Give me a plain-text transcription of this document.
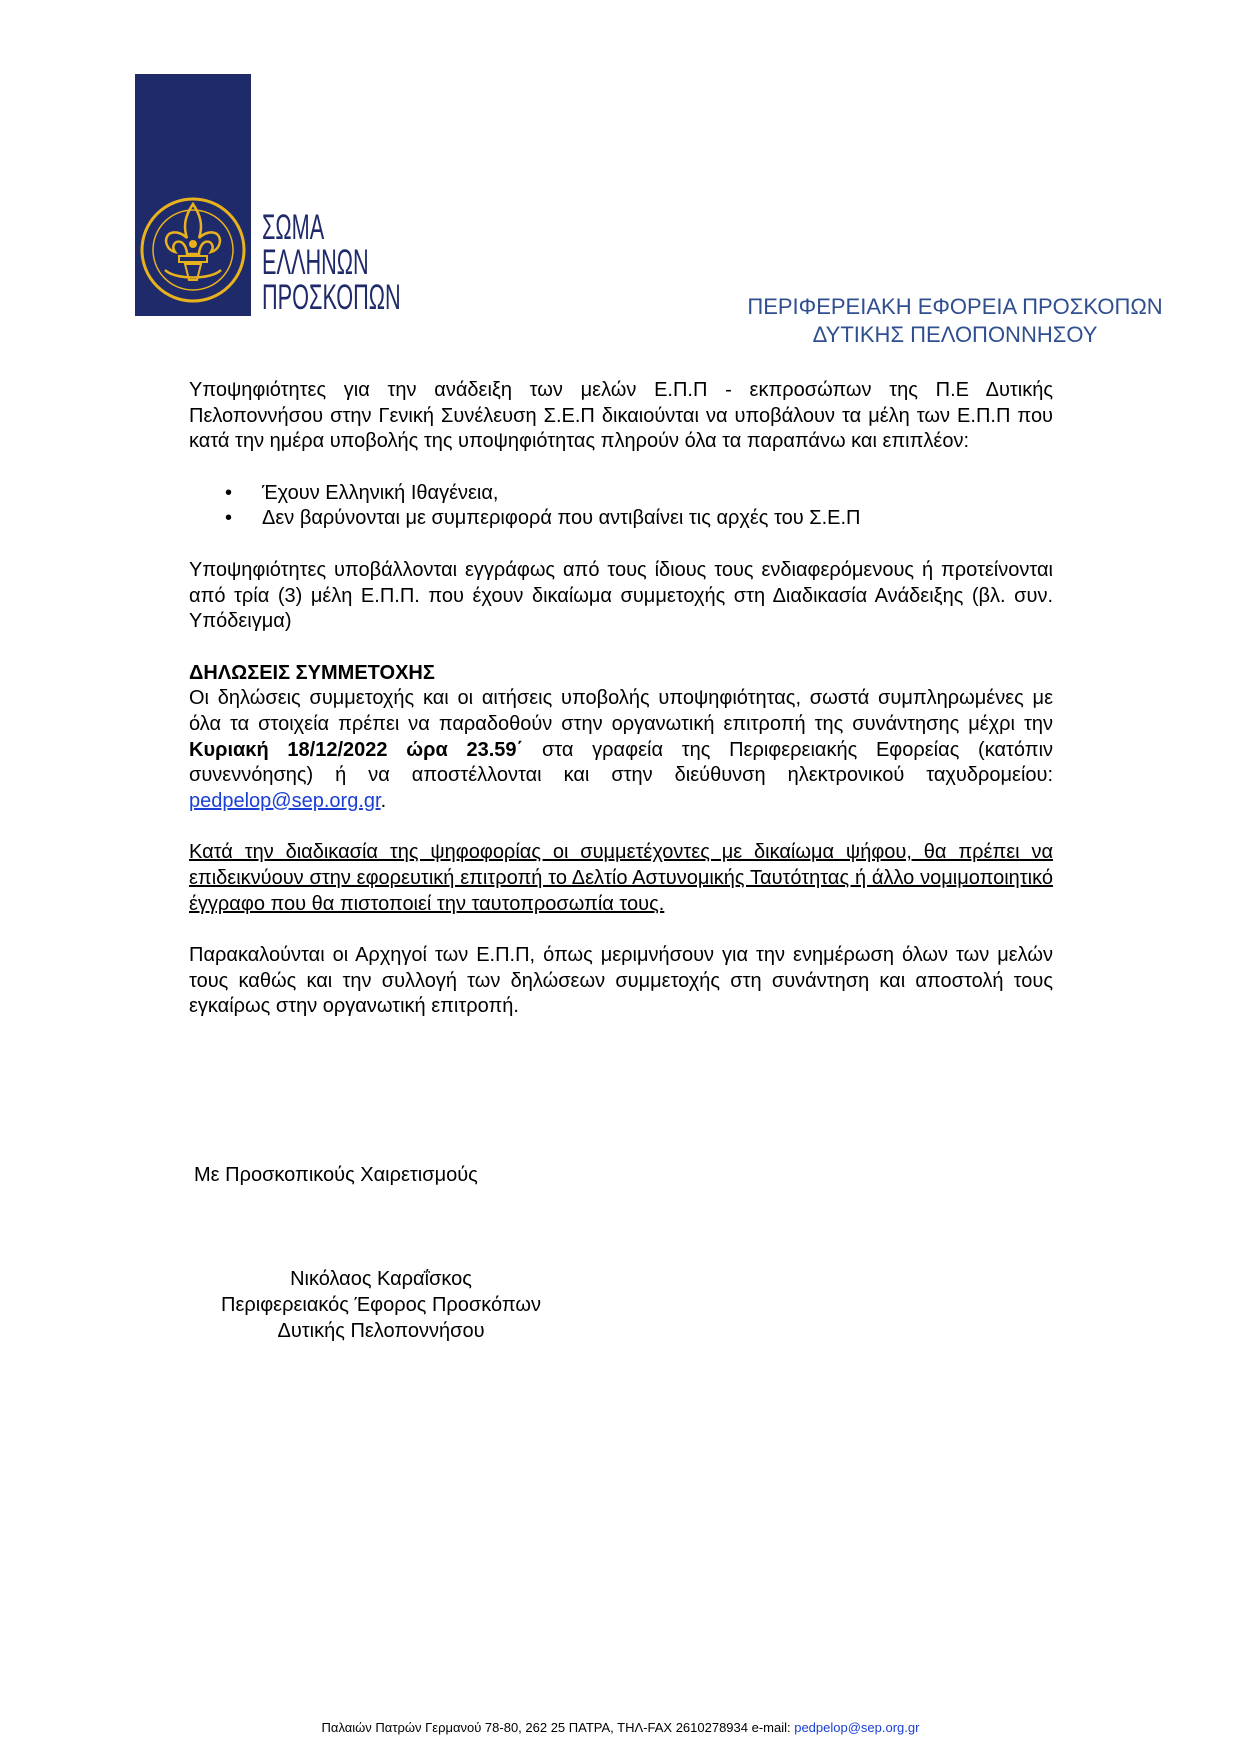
ΣΩΜΑ
ΕΛΛΗΝΩΝ
ΠΡΟΣΚΟΠΩΝ	ΠΕΡΙΦΕΡΕΙΑΚΗ ΕΦΟΡΕΙΑ ΠΡΟΣΚΟΠΩΝ
ΔΥΤΙΚΗΣ ΠΕΛΟΠΟΝΝΗΣΟΥ

Υποψηφιότητες για την ανάδειξη των μελών Ε.Π.Π - εκπροσώπων της Π.Ε Δυτικής Πελοποννήσου στην Γενική Συνέλευση Σ.Ε.Π δικαιούνται να υποβάλουν τα μέλη των Ε.Π.Π που κατά την ημέρα υποβολής της υποψηφιότητας πληρούν όλα τα παραπάνω και επιπλέον:

• Έχουν Ελληνική Ιθαγένεια,
• Δεν βαρύνονται με συμπεριφορά που αντιβαίνει τις αρχές του Σ.Ε.Π

Υποψηφιότητες υποβάλλονται εγγράφως από τους ίδιους τους ενδιαφερόμενους ή προτείνονται από τρία (3) μέλη Ε.Π.Π. που έχουν δικαίωμα συμμετοχής στη Διαδικασία Ανάδειξης (βλ. συν. Υπόδειγμα)

ΔΗΛΩΣΕΙΣ ΣΥΜΜΕΤΟΧΗΣ

Οι δηλώσεις συμμετοχής και οι αιτήσεις υποβολής υποψηφιότητας, σωστά συμπληρωμένες με όλα τα στοιχεία πρέπει να παραδοθούν στην οργανωτική επιτροπή της συνάντησης μέχρι την Κυριακή 18/12/2022 ώρα 23.59΄ στα γραφεία της Περιφερειακής Εφορείας (κατόπιν συνεννόησης) ή να αποστέλλονται και στην διεύθυνση ηλεκτρονικού ταχυδρομείου: pedpelop@sep.org.gr.

Κατά την διαδικασία της ψηφοφορίας οι συμμετέχοντες με δικαίωμα ψήφου, θα πρέπει να επιδεικνύουν στην εφορευτική επιτροπή το Δελτίο Αστυνομικής Ταυτότητας ή άλλο νομιμοποιητικό έγγραφο που θα πιστοποιεί την ταυτοπροσωπία τους.

Παρακαλούνται οι Αρχηγοί των Ε.Π.Π, όπως μεριμνήσουν για την ενημέρωση όλων των μελών τους καθώς και την συλλογή των δηλώσεων συμμετοχής στη συνάντηση και αποστολή τους εγκαίρως στην οργανωτική επιτροπή.

Με Προσκοπικούς Χαιρετισμούς
Νικόλαος Καραΐσκος
Περιφερειακός Έφορος Προσκόπων
Δυτικής Πελοποννήσου
Παλαιών Πατρών Γερμανού 78-80, 262 25 ΠΑΤΡΑ, ΤΗΛ-FAX 2610278934 e-mail: pedpelop@sep.org.gr
